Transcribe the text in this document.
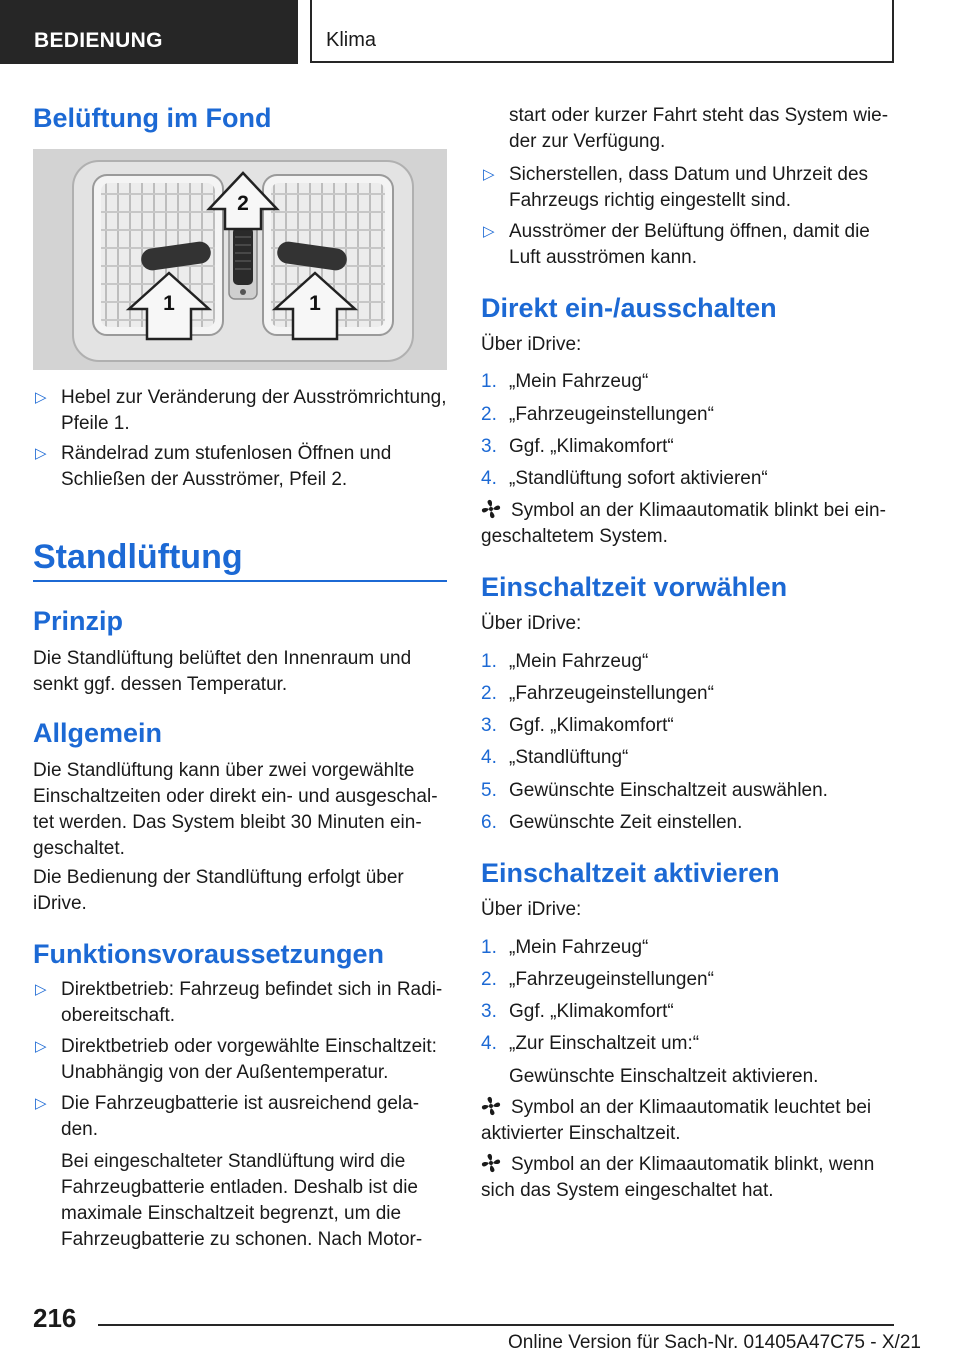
BEDIENUNG	Klima
Belüftung im Fond
2
1	1
▷ Hebel zur Veränderung der Ausströmrichtung, Pfeile 1.
▷ Rändelrad zum stufenlosen Öffnen und Schließen der Ausströmer, Pfeil 2.
Standlüftung
Prinzip
Die Standlüftung belüftet den Innenraum und senkt ggf. dessen Temperatur.
Allgemein
Die Standlüftung kann über zwei vorgewählte Einschaltzeiten oder direkt ein- und ausgeschaltet werden. Das System bleibt 30 Minuten eingeschaltet.
Die Bedienung der Standlüftung erfolgt über iDrive.
Funktionsvoraussetzungen
▷ Direktbetrieb: Fahrzeug befindet sich in Radiobereitschaft.
▷ Direktbetrieb oder vorgewählte Einschaltzeit: Unabhängig von der Außentemperatur.
▷ Die Fahrzeugbatterie ist ausreichend geladen.
Bei eingeschalteter Standlüftung wird die Fahrzeugbatterie entladen. Deshalb ist die maximale Einschaltzeit begrenzt, um die Fahrzeugbatterie zu schonen. Nach Motor-
start oder kurzer Fahrt steht das System wieder zur Verfügung.
▷ Sicherstellen, dass Datum und Uhrzeit des Fahrzeugs richtig eingestellt sind.
▷ Ausströmer der Belüftung öffnen, damit die Luft ausströmen kann.
Direkt ein-/ausschalten
Über iDrive:
1. „Mein Fahrzeug“
2. „Fahrzeugeinstellungen“
3. Ggf. „Klimakomfort“
4. „Standlüftung sofort aktivieren“
Symbol an der Klimaautomatik blinkt bei eingeschaltetem System.
Einschaltzeit vorwählen
Über iDrive:
1. „Mein Fahrzeug“
2. „Fahrzeugeinstellungen“
3. Ggf. „Klimakomfort“
4. „Standlüftung“
5. Gewünschte Einschaltzeit auswählen.
6. Gewünschte Zeit einstellen.
Einschaltzeit aktivieren
Über iDrive:
1. „Mein Fahrzeug“
2. „Fahrzeugeinstellungen“
3. Ggf. „Klimakomfort“
4. „Zur Einschaltzeit um:“
Gewünschte Einschaltzeit aktivieren.
Symbol an der Klimaautomatik leuchtet bei aktivierter Einschaltzeit.
Symbol an der Klimaautomatik blinkt, wenn sich das System eingeschaltet hat.
216
Online Version für Sach-Nr. 01405A47C75 - X/21
